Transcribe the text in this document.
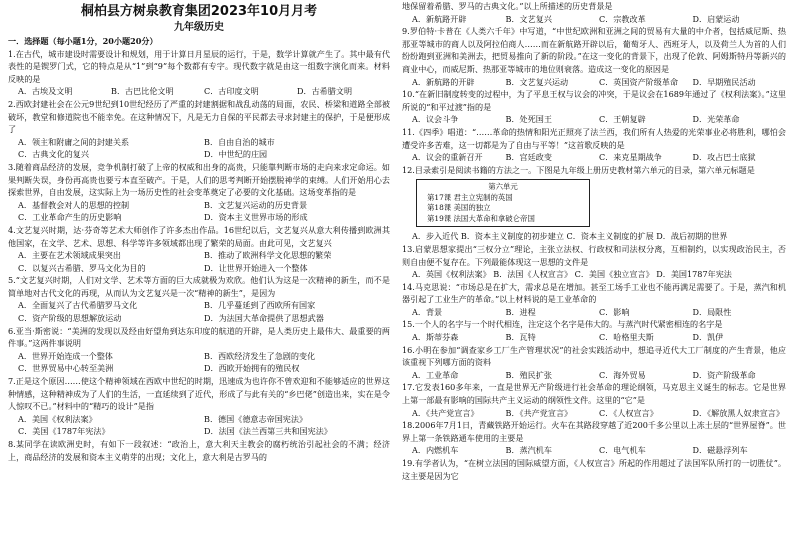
桐柏县方树泉教育集团2023年10月月考
九年级历史

一．选择题（每小题1分，20小题20分）

1.在古代，城市建设时需要设计和规划，用于计算日月星辰的运行，于是，数学计算就产生了。其中最有代表性的是锲罗门式，它的特点是从“1”到“9”每个数都有专字。现代数字就是由这一组数字演化而来。材料反映的是

A．古埃及文明	B．古巴比伦文明	C．古印度文明	D．古希腊文明

2.西欧封建社会在公元9世纪到10世纪经历了严重的封建割据和战乱动荡的局面，农民、桥梁和道路全部被破坏，教堂和修道院也不能幸免。在这种情况下，凡是无力自保的平民都去寻求封建主的保护，于是便形成了

A．领主和附庸之间的封建关系	B．自由自治的城市
C．古典文化的复兴	D．中世纪的庄园

3.随着商品经济的发展，竞争机制打破了上帝的权威和出身的高贵，只能靠判断市场的走向来求定命运。如果判断失误，身份再高贵也要亏本直至破产。于是，人们的思考判断开始摆脱神学的束缚。人们开始用心去探索世界，自由发展，这实际上为一场历史性的社会变革奠定了必要的文化基础。这场变革指的是

A．基督教会对人的思想的控制	B．文艺复兴运动的历史背景
C．工业革命产生的历史影响	D．资本主义世界市场的形成

4.文艺复兴时期，达·芬奇等艺术大师创作了许多杰出作品。16世纪以后，文艺复兴从意大利传播到欧洲其他国家，在文学、艺术、思想、科学等许多领域都出现了繁荣的局面。由此可见，文艺复兴

A．主要在艺术领域成果突出	B．推动了欧洲科学文化思想的繁荣
C．以复兴古希腊、罗马文化为目的	D．让世界开始进入一个整体

5.“文艺复兴时期，人们对文学、艺术等方面的巨大成就极为欢欣。他们认为这是一次精神的新生，而不是简单地对古代文化的再现，从而认为文艺复兴是一次“精神的新生”，是因为

A．全面复兴了古代希腊罗马文化	B．几乎蔓延到了西欧所有国家
C．资产阶级的思想解放运动	D．为法国大革命提供了思想武器

6.亚当·斯密说：“美洲的发现以及经由好望角到达东印度的航道的开辟，是人类历史上最伟大、最重要的两件事。”这两件事说明

A．世界开始连成一个整体	B．西欧经济发生了急剧的变化
C．世界贸易中心转至美洲	D．西欧开始拥有的殖民权

7.正是这个原因……使这个精神领域在西欧中世纪的时期，迅速成为也许你不曾欢迎和不能够适应的世界这种情感，这种精神成为了人们的生活，一直延续到了近代，形成了与此有关的“乡巴佬”创造出来，实在是令人惊叹不已。”材料中的“精巧的设计”是指

A．美国《权利法案》	B．德国《德意志帝国宪法》
C．美国《1787年宪法》	D．法国《法兰西第三共和国宪法》

8.某同学在读欧洲史时，有如下一段叙述：“政治上，意大利天主教会的腐朽统治引起社会的不满；经济上，商品经济的发展和资本主义萌芽的出现；文化上，意大利是古罗马的

地保留着希腊、罗马的古典文化。”以上所描述的历史背景是

A．新航路开辟	B．文艺复兴	C．宗教改革	D．启蒙运动

9.罗伯特·卡普在《人类六千年》中写道，“中世纪欧洲和亚洲之间的贸易有大量的中介者，包括威尼斯、热那亚等城市的商人以及阿拉伯商人……而在新航路开辟以后，葡萄牙人、西班牙人，以及荷兰人为首的人们纷纷跑到亚洲和美洲去，把贸易推向了新的阶段。”在这一变化的背景下，出现了伦敦、阿姆斯特丹等新兴的商业中心，而威尼斯、热那亚等城市的地位则衰落。造成这一变化的原因是

A．新航路的开辟	B．文艺复兴运动	C．英国资产阶级革命	D．早期殖民活动

10.“在新旧制度转变的过程中，为了平息王权与议会的冲突，于是议会在1689年通过了《权利法案》。”这里所说的“和平过渡”指的是

A．议会斗争	B．处死国王	C．王朝复辟	D．光荣革命

11.《四季》唱道：“……革命的热情和阳光正照亮了法兰西，我们所有人热爱的光荣事业必将胜利，哪怕会遭受许多苦难，这一切都是为了自由与平等！”这首歌反映的是

A．议会的重新召开	B．宫廷政变	C．来克星期战争	D．攻占巴士底狱

12.目录索引是阅读书籍的方法之一。下图是九年级上册历史教材第六单元的目录，第六单元标题是

第六单元
第17课 君主立宪制的英国
第18课 美国的独立
第19课 法国大革命和拿破仑帝国

A．步入近代 B．资本主义制度的初步建立 C．资本主义制度的扩展 D．战后初期的世界

13.启蒙思想家提出“三权分立”理论，主张立法权、行政权和司法权分离，互相制约，以实现政治民主，否则自由便不复存在。下列最能体现这一思想的文件是

A．英国《权利法案》 B．法国《人权宣言》 C．美国《独立宣言》 D．美国1787年宪法

14.马克思说：“市场总是在扩大，需求总是在增加。甚至工场手工业也不能再满足需要了。于是，蒸汽和机器引起了工业生产的革命。”以上材料说的是工业革命的

A．背景	B．进程	C．影响	D．局限性

15.一个人的名字与一个时代相连，注定这个名字是伟大的。与蒸汽时代紧密相连的名字是

A．斯蒂芬森	B．瓦特	C．哈格里夫斯	D．凯伊

16.小明在参加“调查家乡工厂生产管理状况”的社会实践活动中，想追寻近代大工厂制度的产生背景，他应该重视下列哪方面的资料

A．工业革命	B．殖民扩张	C．海外贸易	D．资产阶级革命

17.它发表160多年来，一直是世界无产阶级进行社会革命的理论纲领，马克思主义诞生的标志。它是世界上第一部最有影响的国际共产主义运动的纲领性文件。这里的“它”是

A．《共产党宣言》	B．《共产党宣言》	C．《人权宣言》	D．《解放黑人奴隶宣言》

18.2006年7月1日，青藏铁路开始运行。火车在其路段穿越了近200千多公里以上冻土层的“世界屋脊”。世界上第一条铁路通车使用的主要是

A．内燃机车	B．蒸汽机车	C．电气机车	D．磁悬浮列车

19.有学者认为，“在树立法国的国际威望方面，《人权宣言》所起的作用超过了法国军队所打的一切胜仗”。这主要是因为它
